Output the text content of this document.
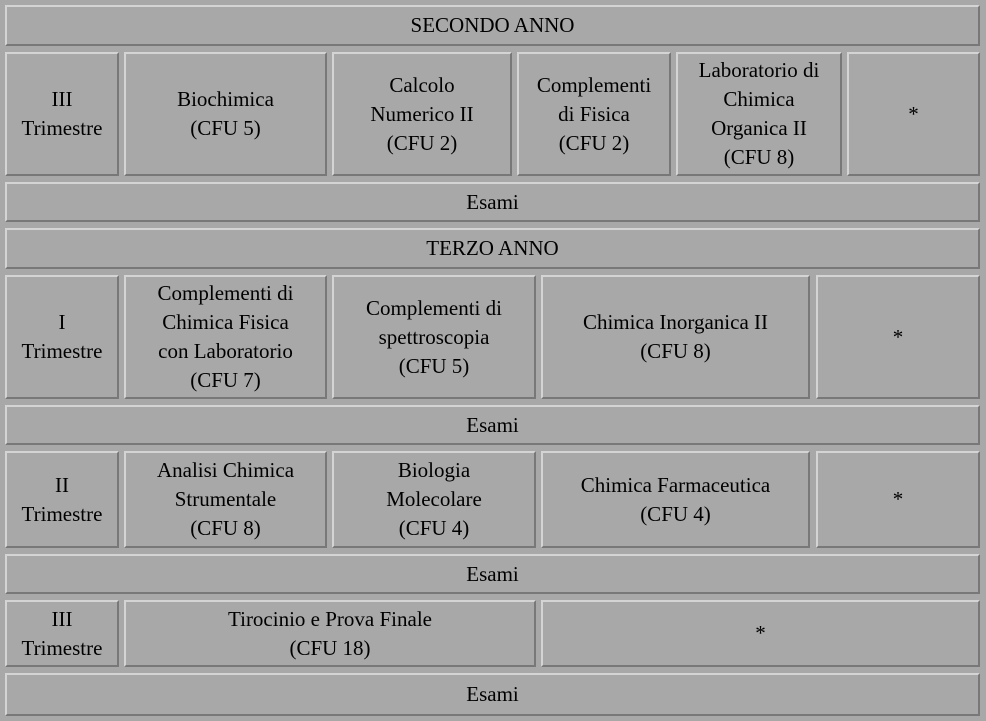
SECONDO ANNO
III
Trimestre
Biochimica
(CFU 5)
Calcolo
Numerico II
(CFU 2)
Complementi
di Fisica
(CFU 2)
Laboratorio di
Chimica
Organica II
(CFU 8)
*
Esami
TERZO ANNO
I
Trimestre
Complementi di
Chimica Fisica
con Laboratorio
(CFU 7)
Complementi di
spettroscopia
(CFU 5)
Chimica Inorganica II
(CFU 8)
*
Esami
II
Trimestre
Analisi Chimica
Strumentale
(CFU 8)
Biologia
Molecolare
(CFU 4)
Chimica Farmaceutica
(CFU 4)
*
Esami
III
Trimestre
Tirocinio e Prova Finale
(CFU 18)
*
Esami
